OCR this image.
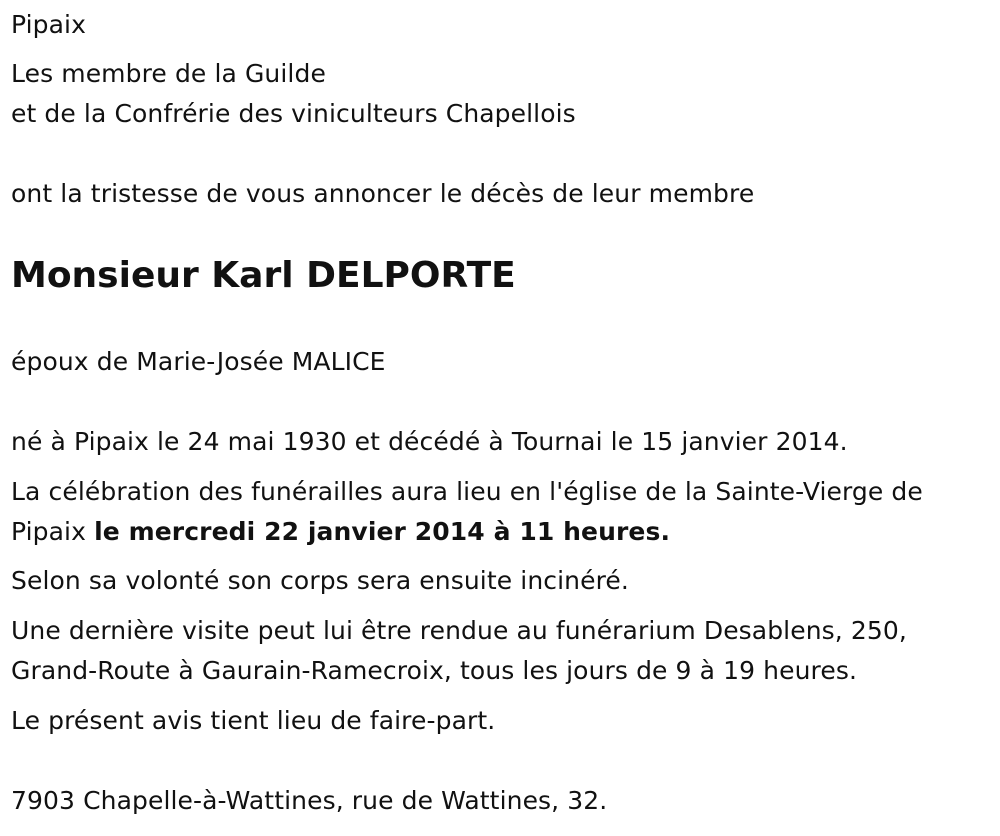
Pipaix
Les membre de la Guilde
et de la Confrérie des viniculteurs Chapellois
ont la tristesse de vous annoncer le décès de leur membre
Monsieur Karl DELPORTE
époux de Marie-Josée MALICE
né à Pipaix le 24 mai 1930 et décédé à Tournai le 15 janvier 2014.
La célébration des funérailles aura lieu en l'église de la Sainte-Vierge de
Pipaix le mercredi 22 janvier 2014 à 11 heures.
Selon sa volonté son corps sera ensuite incinéré.
Une dernière visite peut lui être rendue au funérarium Desablens, 250,
Grand-Route à Gaurain-Ramecroix, tous les jours de 9 à 19 heures.
Le présent avis tient lieu de faire-part.
7903 Chapelle-à-Wattines, rue de Wattines, 32.
